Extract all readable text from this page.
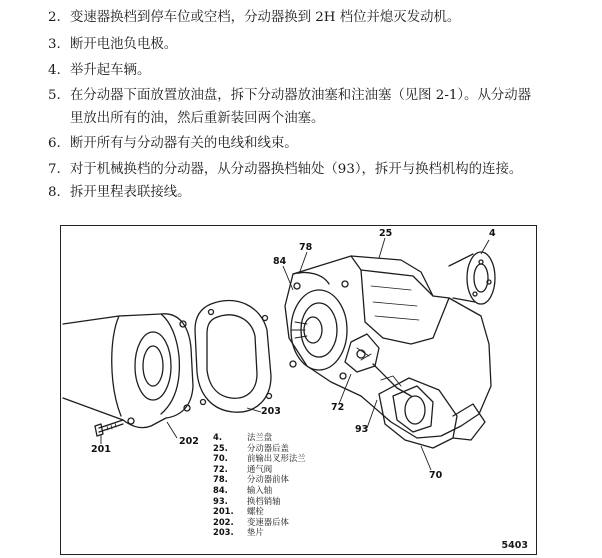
2. 变速器换档到停车位或空档，分动器换到 2H 档位并熄灭发动机。
3. 断开电池负电极。
4. 举升起车辆。
5. 在分动器下面放置放油盘，拆下分动器放油塞和注油塞（见图 2-1）。从分动器
里放出所有的油，然后重新装回两个油塞。
6. 断开所有与分动器有关的电线和线束。
7. 对于机械换档的分动器，从分动器换档轴处（93），拆开与换档机构的连接。
8. 拆开里程表联接线。
4
25
78
84
72
93
203
202
201
70
4.	法兰盘
25. 分动器后盖
70. 前输出叉形法兰
72. 通气阀
78. 分动器前体
84. 输入轴
93. 换档销轴
201. 螺栓
202. 变速器后体
203. 垫片
5403
